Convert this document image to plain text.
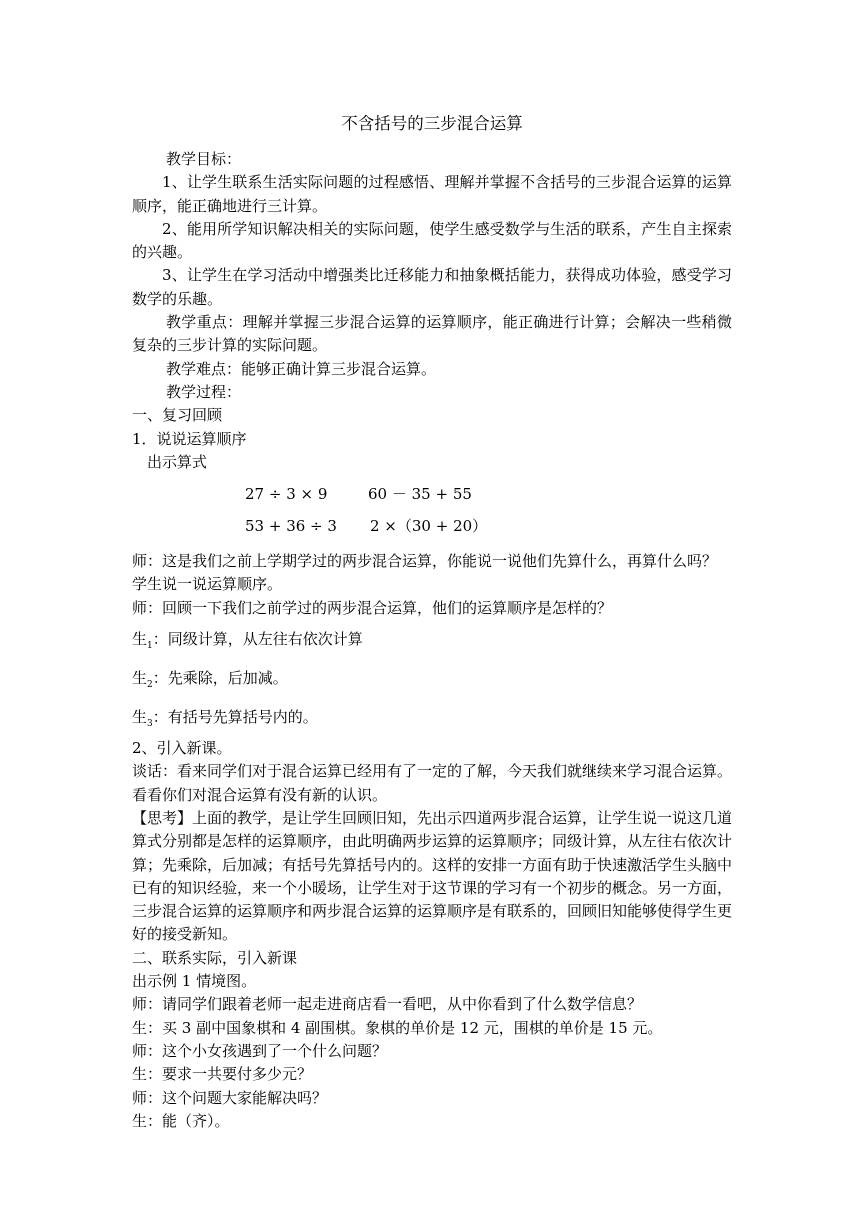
不含括号的三步混合运算

教学目标：

1、让学生联系生活实际问题的过程感悟、理解并掌握不含括号的三步混合运算的运算顺序，能正确地进行三计算。

2、能用所学知识解决相关的实际问题，使学生感受数学与生活的联系，产生自主探索的兴趣。

3、让学生在学习活动中增强类比迁移能力和抽象概括能力，获得成功体验，感受学习数学的乐趣。

教学重点：理解并掌握三步混合运算的运算顺序，能正确进行计算；会解决一些稍微复杂的三步计算的实际问题。

教学难点：能够正确计算三步混合运算。

教学过程：

一、复习回顾

1．说说运算顺序

出示算式

27 ÷ 3 × 9	60 － 35 + 55
53 + 36 ÷ 3 2 ×（30 + 20）

师：这是我们之前上学期学过的两步混合运算，你能说一说他们先算什么，再算什么吗？

学生说一说运算顺序。

师：回顾一下我们之前学过的两步混合运算，他们的运算顺序是怎样的？

生$_1$：同级计算，从左往右依次计算

生$_2$：先乘除，后加减。

生$_3$：有括号先算括号内的。

2、引入新课。

谈话：看来同学们对于混合运算已经用有了一定的了解，今天我们就继续来学习混合运算。看看你们对混合运算有没有新的认识。

【思考】上面的教学，是让学生回顾旧知，先出示四道两步混合运算，让学生说一说这几道算式分别都是怎样的运算顺序，由此明确两步运算的运算顺序；同级计算，从左往右依次计算；先乘除，后加减；有括号先算括号内的。这样的安排一方面有助于快速激活学生头脑中已有的知识经验，来一个小暖场，让学生对于这节课的学习有一个初步的概念。另一方面，三步混合运算的运算顺序和两步混合运算的运算顺序是有联系的，回顾旧知能够使得学生更好的接受新知。

二、联系实际，引入新课

出示例 1 情境图。

师：请同学们跟着老师一起走进商店看一看吧，从中你看到了什么数学信息？

生：买 3 副中国象棋和 4 副围棋。象棋的单价是 12 元，围棋的单价是 15 元。

师：这个小女孩遇到了一个什么问题？

生：要求一共要付多少元？

师：这个问题大家能解决吗？

生：能（齐）。
